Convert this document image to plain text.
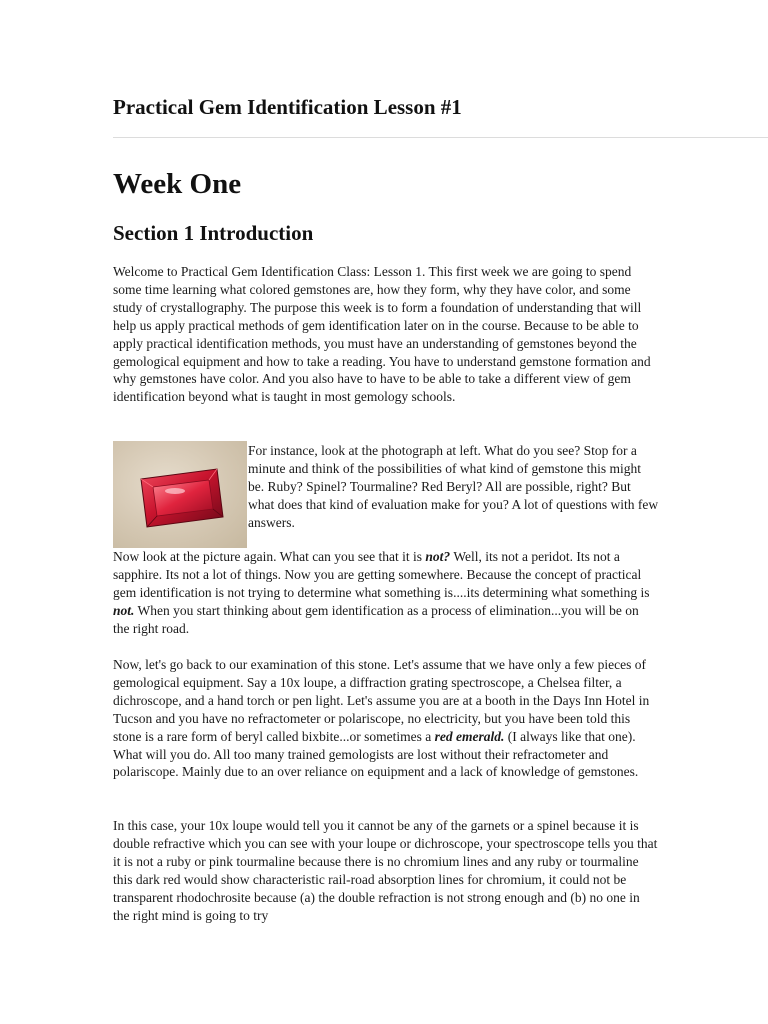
Practical Gem Identification Lesson #1
Week One
Section 1 Introduction

Welcome to Practical Gem Identification Class: Lesson 1. This first week we are going to spend some time learning what colored gemstones are, how they form, why they have color, and some study of crystallography. The purpose this week is to form a foundation of understanding that will help us apply practical methods of gem identification later on in the course. Because to be able to apply practical identification methods, you must have an understanding of gemstones beyond the gemological equipment and how to take a reading. You have to understand gemstone formation and why gemstones have color. And you also have to have to be able to take a different view of gem identification beyond what is taught in most gemology schools.

For instance, look at the photograph at left. What do you see? Stop for a minute and think of the possibilities of what kind of gemstone this might be. Ruby? Spinel? Tourmaline? Red Beryl? All are possible, right? But what does that kind of evaluation make for you? A lot of questions with few answers.

Now look at the picture again. What can you see that it is not? Well, its not a peridot. Its not a sapphire. Its not a lot of things. Now you are getting somewhere. Because the concept of practical gem identification is not trying to determine what something is....its determining what something is not. When you start thinking about gem identification as a process of elimination...you will be on the right road.

Now, let's go back to our examination of this stone. Let's assume that we have only a few pieces of gemological equipment. Say a 10x loupe, a diffraction grating spectroscope, a Chelsea filter, a dichroscope, and a hand torch or pen light. Let's assume you are at a booth in the Days Inn Hotel in Tucson and you have no refractometer or polariscope, no electricity, but you have been told this stone is a rare form of beryl called bixbite...or sometimes a red emerald. (I always like that one). What will you do. All too many trained gemologists are lost without their refractometer and polariscope. Mainly due to an over reliance on equipment and a lack of knowledge of gemstones.

In this case, your 10x loupe would tell you it cannot be any of the garnets or a spinel because it is double refractive which you can see with your loupe or dichroscope, your spectroscope tells you that it is not a ruby or pink tourmaline because there is no chromium lines and any ruby or tourmaline this dark red would show characteristic rail-road absorption lines for chromium, it could not be transparent rhodochrosite because (a) the double refraction is not strong enough and (b) no one in the right mind is going to try
